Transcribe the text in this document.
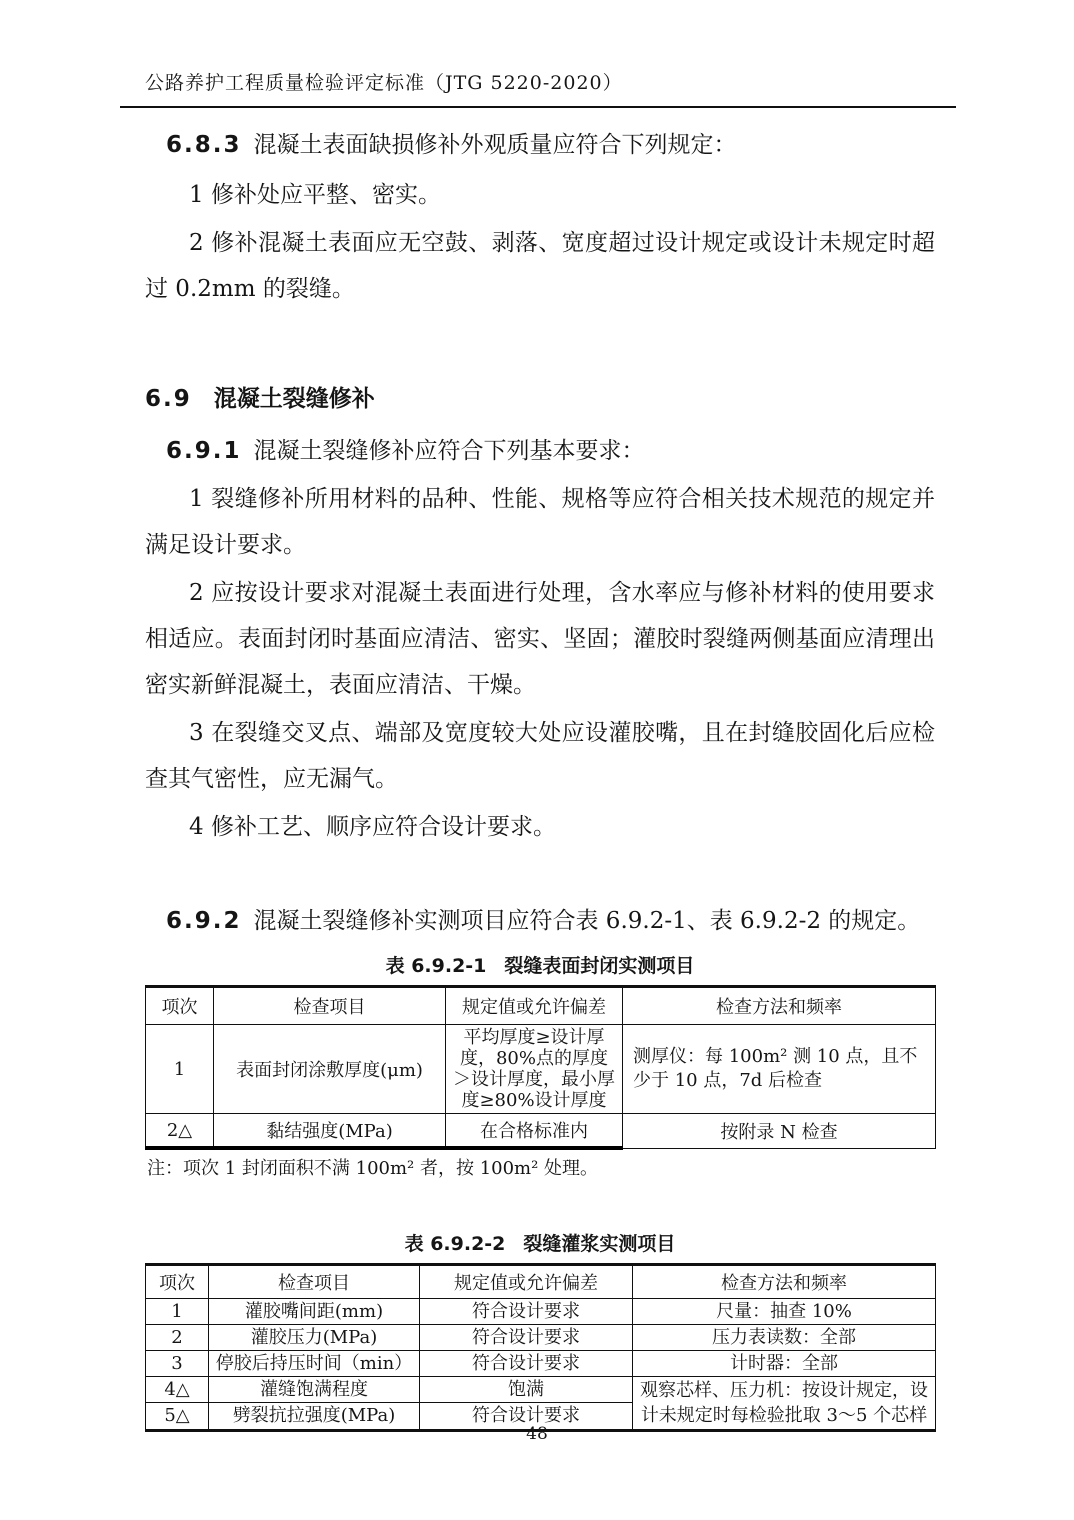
公路养护工程质量检验评定标准（JTG 5220-2020）

6.8.3 混凝土表面缺损修补外观质量应符合下列规定：

1 修补处应平整、密实。

2 修补混凝土表面应无空鼓、剥落、宽度超过设计规定或设计未规定时超过 0.2mm 的裂缝。

6.9 混凝土裂缝修补

6.9.1 混凝土裂缝修补应符合下列基本要求：

1 裂缝修补所用材料的品种、性能、规格等应符合相关技术规范的规定并满足设计要求。

2 应按设计要求对混凝土表面进行处理，含水率应与修补材料的使用要求相适应。表面封闭时基面应清洁、密实、坚固；灌胶时裂缝两侧基面应清理出密实新鲜混凝土，表面应清洁、干燥。

3 在裂缝交叉点、端部及宽度较大处应设灌胶嘴，且在封缝胶固化后应检查其气密性，应无漏气。

4 修补工艺、顺序应符合设计要求。

6.9.2 混凝土裂缝修补实测项目应符合表 6.9.2-1、表 6.9.2-2 的规定。

表 6.9.2-1 裂缝表面封闭实测项目

项次	检查项目	规定值或允许偏差	检查方法和频率
1	表面封闭涂敷厚度(μm)	平均厚度≥设计厚度，80%点的厚度＞设计厚度，最小厚度≥80%设计厚度	测厚仪：每 100m² 测 10 点，且不少于 10 点，7d 后检查
2△	黏结强度(MPa)	在合格标准内	按附录 N 检查

注：项次 1 封闭面积不满 100m² 者，按 100m² 处理。

表 6.9.2-2 裂缝灌浆实测项目

项次	检查项目	规定值或允许偏差	检查方法和频率
1	灌胶嘴间距(mm)	符合设计要求	尺量：抽查 10%
2	灌胶压力(MPa)	符合设计要求	压力表读数：全部
3	停胶后持压时间（min）	符合设计要求	计时器：全部
4△	灌缝饱满程度	饱满	观察芯样、压力机：按设计规定，设计未规定时每检验批取 3～5 个芯样
5△	劈裂抗拉强度(MPa)	符合设计要求	
48
